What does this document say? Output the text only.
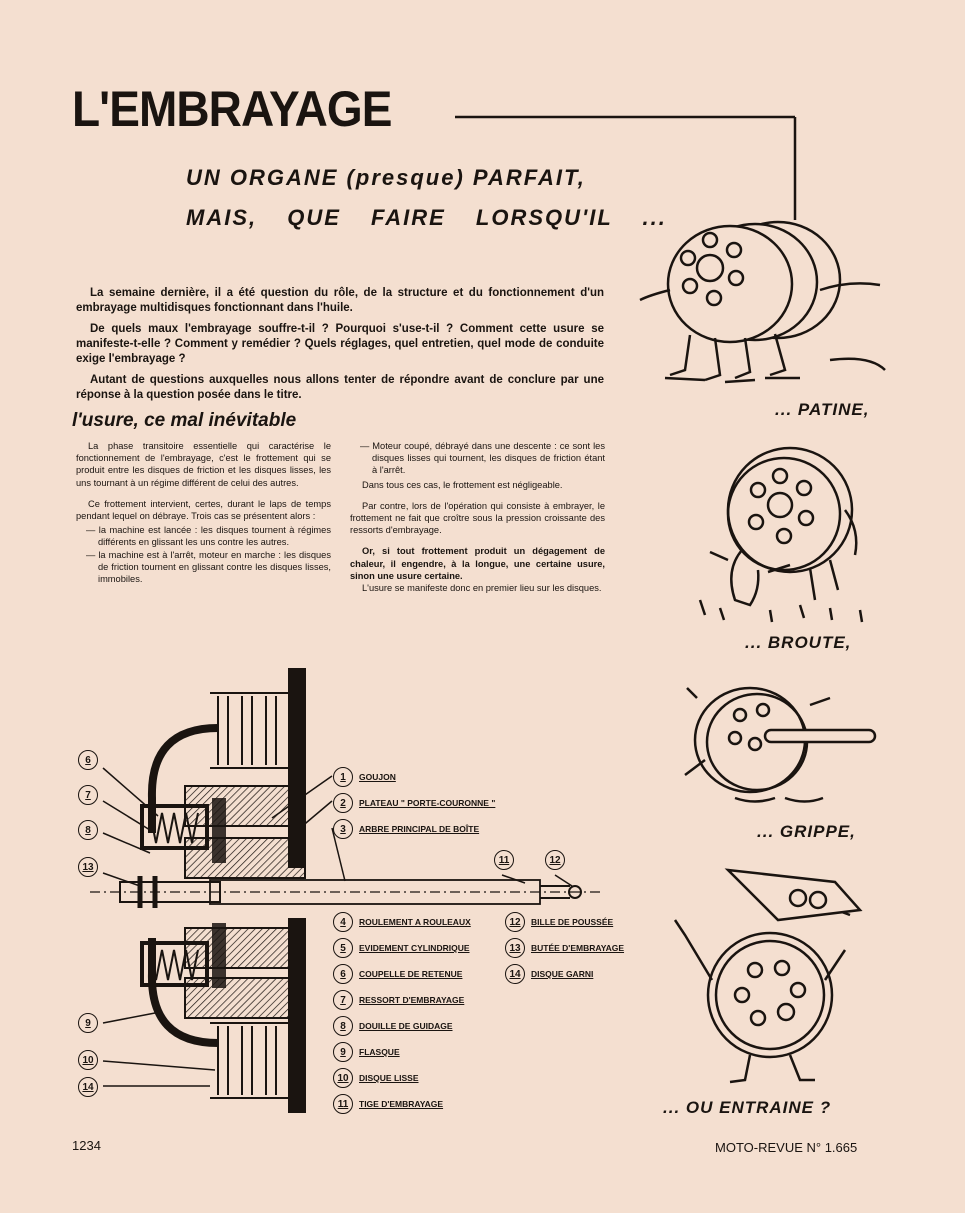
L'EMBRAYAGE
UN ORGANE (presque) PARFAIT,
MAIS, QUE FAIRE LORSQU'IL ...

La semaine dernière, il a été question du rôle, de la structure et du fonctionnement d'un embrayage multidisques fonctionnant dans l'huile.

De quels maux l'embrayage souffre-t-il ? Pourquoi s'use-t-il ? Comment cette usure se manifeste-t-elle ? Comment y remédier ? Quels réglages, quel entretien, quel mode de conduite exige l'embrayage ?

Autant de questions auxquelles nous allons tenter de répondre avant de conclure par une réponse à la question posée dans le titre.

l'usure, ce mal inévitable

La phase transitoire essentielle qui caractérise le fonctionnement de l'embrayage, c'est le frottement qui se produit entre les disques de friction et les disques lisses, les uns tournant à un régime différent de celui des autres.

Ce frottement intervient, certes, durant le laps de temps pendant lequel on débraye. Trois cas se présentent alors :

— la machine est lancée : les disques tournent à régimes différents en glissant les uns contre les autres.
— la machine est à l'arrêt, moteur en marche : les disques de friction tournent en glissant contre les disques lisses, immobiles.
— Moteur coupé, débrayé dans une descente : ce sont les disques lisses qui tournent, les disques de friction étant à l'arrêt.

Dans tous ces cas, le frottement est négligeable.

Par contre, lors de l'opération qui consiste à embrayer, le frottement ne fait que croître sous la pression croissante des ressorts d'embrayage.

Or, si tout frottement produit un dégagement de chaleur, il engendre, à la longue, une certaine usure, sinon une usure certaine.

L'usure se manifeste donc en premier lieu sur les disques.

... PATINE,
... BROUTE,
... GRIPPE,
... OU ENTRAINE ?
6
7
8
13
9
10
14
11	12
1	GOUJON
2	PLATEAU " PORTE-COURONNE "
3	ARBRE PRINCIPAL DE BOÎTE
4	ROULEMENT A ROULEAUX
5	EVIDEMENT CYLINDRIQUE
6	COUPELLE DE RETENUE
7	RESSORT D'EMBRAYAGE
8	DOUILLE DE GUIDAGE
9	FLASQUE
10	DISQUE LISSE
11	TIGE D'EMBRAYAGE
12	BILLE DE POUSSÉE
13	BUTÉE D'EMBRAYAGE
14	DISQUE GARNI
1234	MOTO-REVUE N° 1.665
